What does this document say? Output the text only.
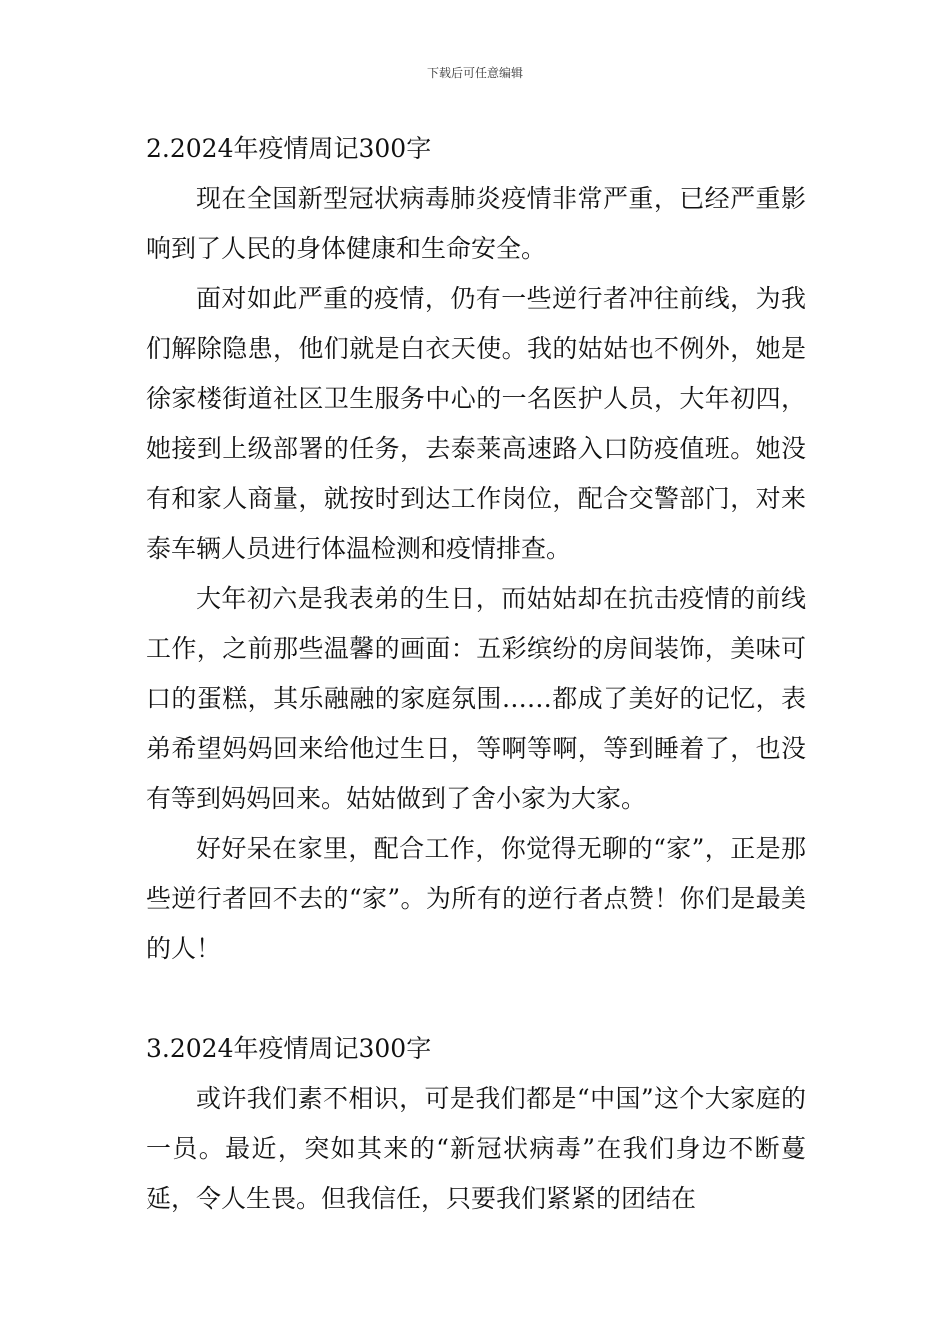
下载后可任意编辑
2.2024年疫情周记300字

现在全国新型冠状病毒肺炎疫情非常严重，已经严重影响到了人民的身体健康和生命安全。

面对如此严重的疫情，仍有一些逆行者冲往前线，为我们解除隐患，他们就是白衣天使。我的姑姑也不例外，她是徐家楼街道社区卫生服务中心的一名医护人员，大年初四，她接到上级部署的任务，去泰莱高速路入口防疫值班。她没有和家人商量，就按时到达工作岗位，配合交警部门，对来泰车辆人员进行体温检测和疫情排查。

大年初六是我表弟的生日，而姑姑却在抗击疫情的前线工作，之前那些温馨的画面：五彩缤纷的房间装饰，美味可口的蛋糕，其乐融融的家庭氛围……都成了美好的记忆，表弟希望妈妈回来给他过生日，等啊等啊，等到睡着了，也没有等到妈妈回来。姑姑做到了舍小家为大家。

好好呆在家里，配合工作，你觉得无聊的“家”，正是那些逆行者回不去的“家”。为所有的逆行者点赞！你们是最美的人！

3.2024年疫情周记300字

或许我们素不相识，可是我们都是“中国”这个大家庭的一员。最近，突如其来的“新冠状病毒”在我们身边不断蔓延，令人生畏。但我信任，只要我们紧紧的团结在
